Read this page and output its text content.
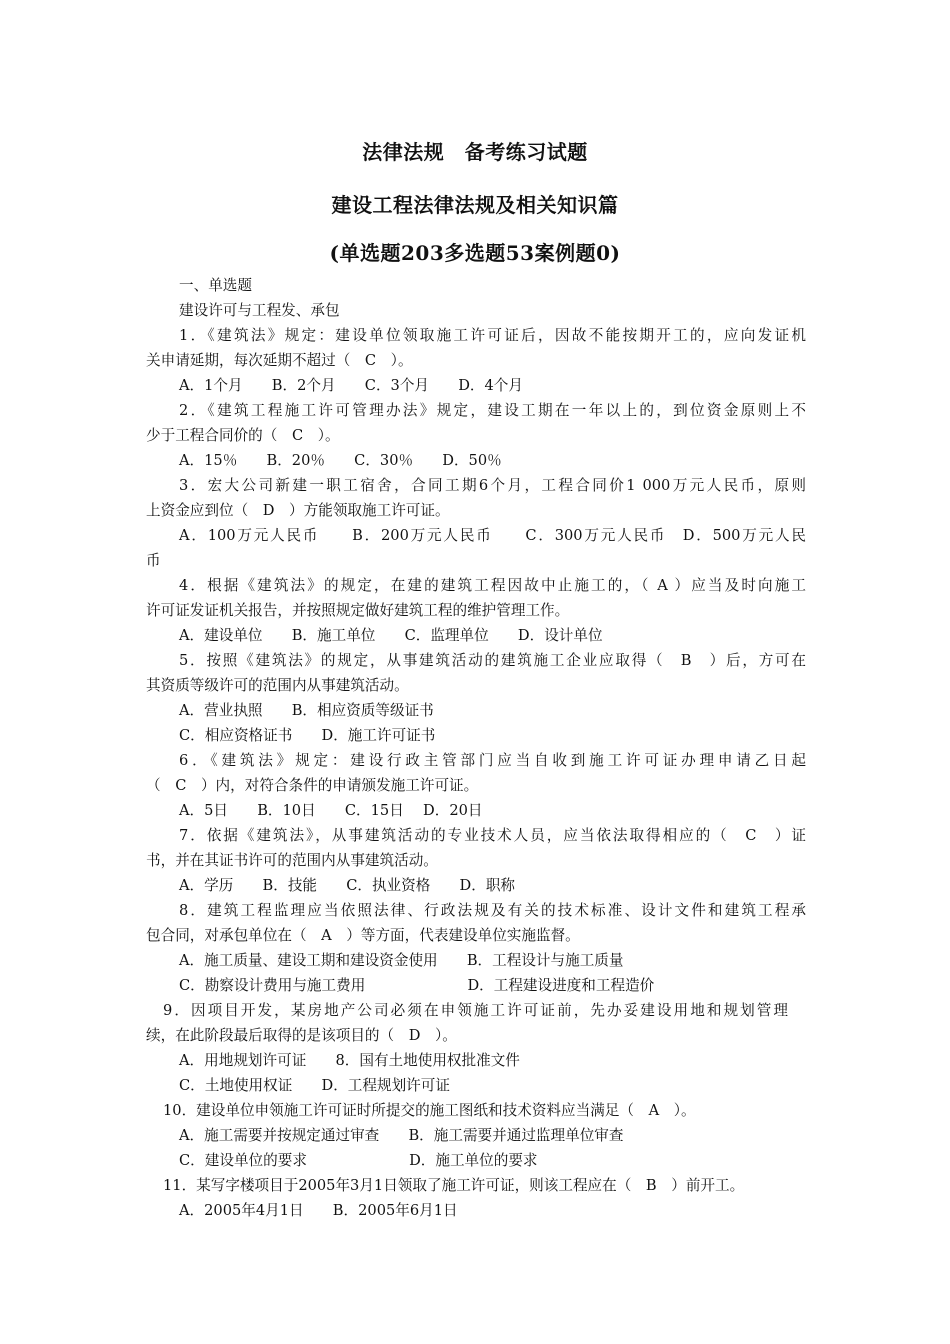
法律法规　备考练习试题
建设工程法律法规及相关知识篇
(单选题203多选题53案例题0)

一、单选题

建设许可与工程发、承包

1．《建筑法》规定：建设单位领取施工许可证后，因故不能按期开工的，应向发证机

关申请延期，每次延期不超过（　C　）。

A．1个月　　B．2个月　　C．3个月　　D．4个月

2．《建筑工程施工许可管理办法》规定，建设工期在一年以上的，到位资金原则上不

少于工程合同价的（　C　）。

A．15％　　B．20％　　C．30％　　D．50％

3．宏大公司新建一职工宿舍，合同工期6个月，工程合同价1 000万元人民币，原则

上资金应到位（　D　）方能领取施工许可证。

A．100万元人民币　　B．200万元人民币　　C．300万元人民币　D．500万元人民

币

4．根据《建筑法》的规定，在建的建筑工程因故中止施工的，（ A ）应当及时向施工

许可证发证机关报告，并按照规定做好建筑工程的维护管理工作。

A．建设单位　　B．施工单位　　C．监理单位　　D．设计单位

5．按照《建筑法》的规定，从事建筑活动的建筑施工企业应取得（　B　）后，方可在

其资质等级许可的范围内从事建筑活动。

A．营业执照　　B．相应资质等级证书

C．相应资格证书　　D．施工许可证书

6．《建筑法》规定：建设行政主管部门应当自收到施工许可证办理申请乙日起

（　C　）内，对符合条件的申请颁发施工许可证。

A．5日　　B．10日　　C．15日　 D．20日

7．依据《建筑法》，从事建筑活动的专业技术人员，应当依法取得相应的（　C　）证

书，并在其证书许可的范围内从事建筑活动。

A．学历　　B．技能　　C．执业资格　　D．职称

8．建筑工程监理应当依照法律、行政法规及有关的技术标准、设计文件和建筑工程承

包合同，对承包单位在（　A　）等方面，代表建设单位实施监督。

A．施工质量、建设工期和建设资金使用　　B．工程设计与施工质量

C．勘察设计费用与施工费用　　　　　　　D．工程建设进度和工程造价

9．因项目开发，某房地产公司必须在申领施工许可证前，先办妥建设用地和规划管理

续，在此阶段最后取得的是该项目的（　D　）。

A．用地规划许可证　　8．国有土地使用权批准文件

C．土地使用权证　　D．工程规划许可证

10．建设单位申领施工许可证时所提交的施工图纸和技术资料应当满足（　A　）。

A．施工需要并按规定通过审查　　B．施工需要并通过监理单位审查

C．建设单位的要求　　　　　　　D．施工单位的要求

11．某写字楼项目于2005年3月1日领取了施工许可证，则该工程应在（　B　）前开工。

A．2005年4月1日　　B．2005年6月1日
